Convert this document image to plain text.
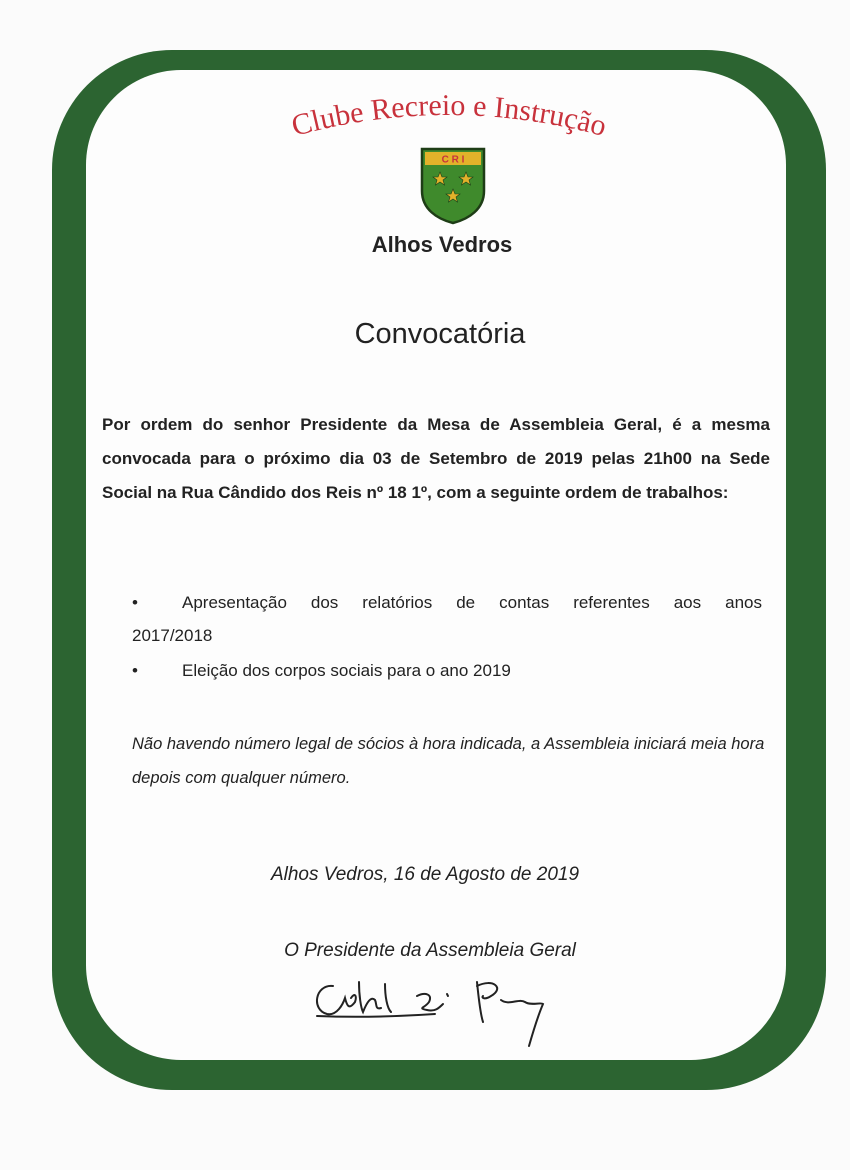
Clube Recreio e Instrução
C R I
Alhos Vedros
Convocatória
Por ordem do senhor Presidente da Mesa de Assembleia Geral, é a mesma convocada para o próximo dia 03 de Setembro de 2019 pelas 21h00 na Sede Social na Rua Cândido dos Reis nº 18 1º, com a seguinte ordem de trabalhos:
•	Apresentação dos relatórios de contas referentes aos anos
2017/2018
•	Eleição dos corpos sociais para o ano 2019
Não havendo número legal de sócios à hora indicada, a Assembleia iniciará meia hora depois com qualquer número.
Alhos Vedros, 16 de Agosto de 2019
O Presidente da Assembleia Geral
